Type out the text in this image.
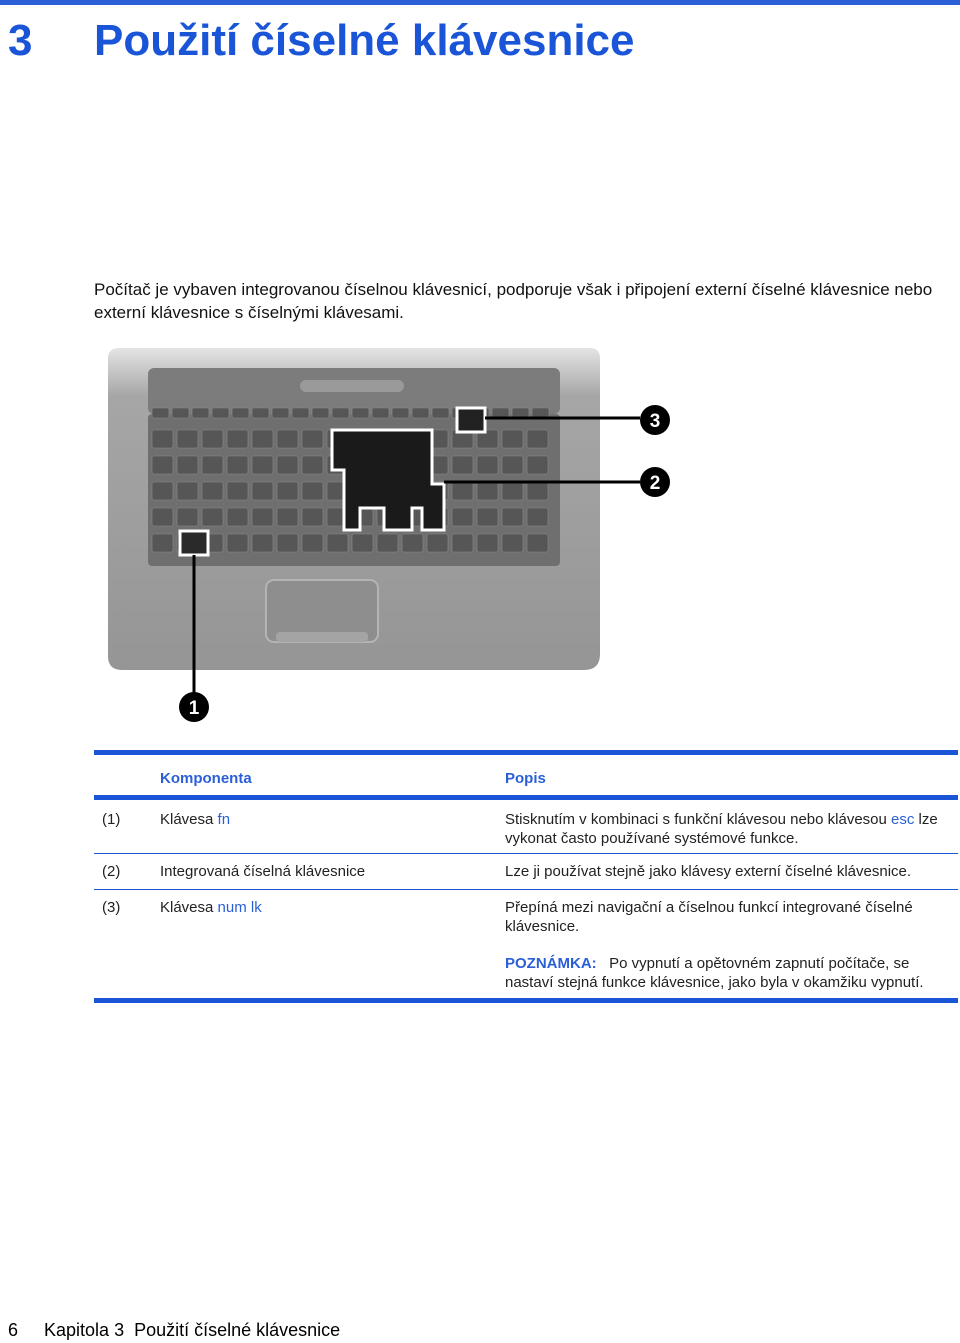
3 Použití číselné klávesnice
Počítač je vybaven integrovanou číselnou klávesnicí, podporuje však i připojení externí číselné klávesnice nebo externí klávesnice s číselnými klávesami.
3
2
1
Komponenta	Popis
(1)	Klávesa fn	Stisknutím v kombinaci s funkční klávesou nebo klávesou esc lze vykonat často používané systémové funkce.
(2)	Integrovaná číselná klávesnice	Lze ji používat stejně jako klávesy externí číselné klávesnice.
(3)	Klávesa num lk	Přepíná mezi navigační a číselnou funkcí integrované číselné klávesnice.
POZNÁMKA: Po vypnutí a opětovném zapnutí počítače, se nastaví stejná funkce klávesnice, jako byla v okamžiku vypnutí.
6 Kapitola 3 Použití číselné klávesnice
